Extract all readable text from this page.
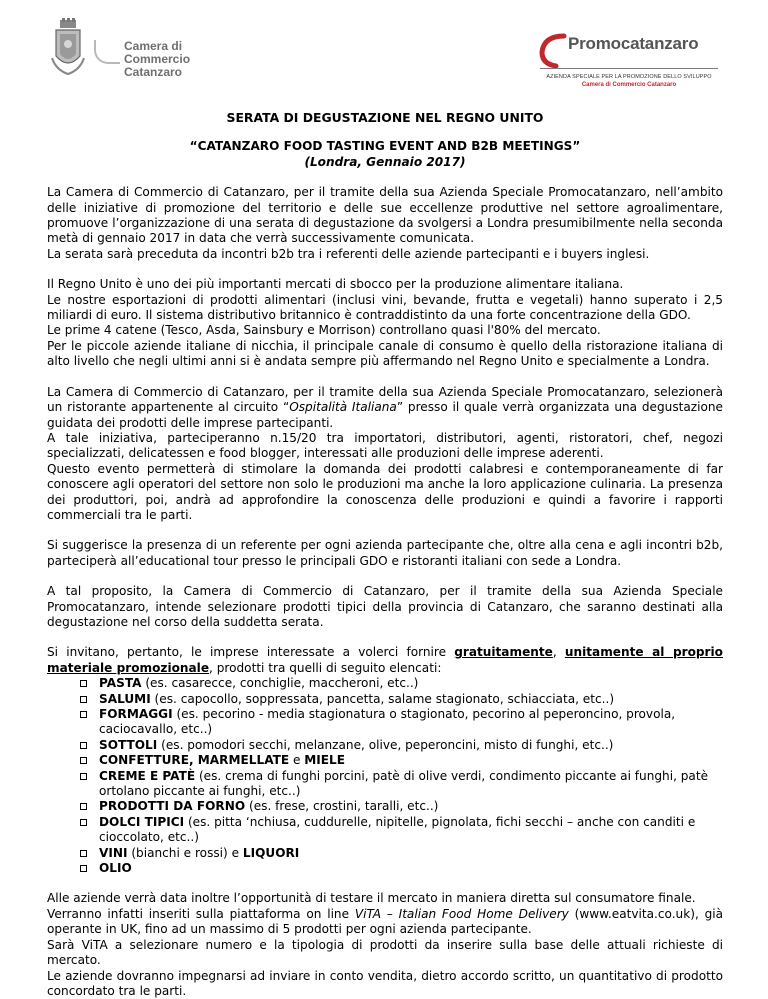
Camera di Commercio
Catanzaro
Promocatanzaro
AZIENDA SPECIALE PER LA PROMOZIONE DELLO SVILUPPO
Camera di Commercio Catanzaro

SERATA DI DEGUSTAZIONE NEL REGNO UNITO

“CATANZARO FOOD TASTING EVENT AND B2B MEETINGS”

(Londra, Gennaio 2017)

La Camera di Commercio di Catanzaro, per il tramite della sua Azienda Speciale Promocatanzaro, nell’ambito delle iniziative di promozione del territorio e delle sue eccellenze produttive nel settore agroalimentare, promuove l’organizzazione di una serata di degustazione da svolgersi a Londra presumibilmente nella seconda metà di gennaio 2017 in data che verrà successivamente comunicata.

La serata sarà preceduta da incontri b2b tra i referenti delle aziende partecipanti e i buyers inglesi.

Il Regno Unito è uno dei più importanti mercati di sbocco per la produzione alimentare italiana.

Le nostre esportazioni di prodotti alimentari (inclusi vini, bevande, frutta e vegetali) hanno superato i 2,5 miliardi di euro. Il sistema distributivo britannico è contraddistinto da una forte concentrazione della GDO.

Le prime 4 catene (Tesco, Asda, Sainsbury e Morrison) controllano quasi l'80% del mercato.

Per le piccole aziende italiane di nicchia, il principale canale di consumo è quello della ristorazione italiana di alto livello che negli ultimi anni si è andata sempre più affermando nel Regno Unito e specialmente a Londra.

La Camera di Commercio di Catanzaro, per il tramite della sua Azienda Speciale Promocatanzaro, selezionerà un ristorante appartenente al circuito “Ospitalità Italiana” presso il quale verrà organizzata una degustazione guidata dei prodotti delle imprese partecipanti.

A tale iniziativa, parteciperanno n.15/20 tra importatori, distributori, agenti, ristoratori, chef, negozi specializzati, delicatessen e food blogger, interessati alle produzioni delle imprese aderenti.

Questo evento permetterà di stimolare la domanda dei prodotti calabresi e contemporaneamente di far conoscere agli operatori del settore non solo le produzioni ma anche la loro applicazione culinaria. La presenza dei produttori, poi, andrà ad approfondire la conoscenza delle produzioni e quindi a favorire i rapporti commerciali tra le parti.

Si suggerisce la presenza di un referente per ogni azienda partecipante che, oltre alla cena e agli incontri b2b, parteciperà all’educational tour presso le principali GDO e ristoranti italiani con sede a Londra.

A tal proposito, la Camera di Commercio di Catanzaro, per il tramite della sua Azienda Speciale Promocatanzaro, intende selezionare prodotti tipici della provincia di Catanzaro, che saranno destinati alla degustazione nel corso della suddetta serata.

Si invitano, pertanto, le imprese interessate a volerci fornire gratuitamente, unitamente al proprio materiale promozionale, prodotti tra quelli di seguito elencati:

PASTA (es. casarecce, conchiglie, maccheroni, etc..)
SALUMI (es. capocollo, soppressata, pancetta, salame stagionato, schiacciata, etc..)
FORMAGGI (es. pecorino - media stagionatura o stagionato, pecorino al peperoncino, provola, caciocavallo, etc..)
SOTTOLI (es. pomodori secchi, melanzane, olive, peperoncini, misto di funghi, etc..)
CONFETTURE, MARMELLATE e MIELE
CREME E PATÈ (es. crema di funghi porcini, patè di olive verdi, condimento piccante ai funghi, patè ortolano piccante ai funghi, etc..)
PRODOTTI DA FORNO (es. frese, crostini, taralli, etc..)
DOLCI TIPICI (es. pitta ‘nchiusa, cuddurelle, nipitelle, pignolata, fichi secchi – anche con canditi e cioccolato, etc..)
VINI (bianchi e rossi) e LIQUORI
OLIO

Alle aziende verrà data inoltre l’opportunità di testare il mercato in maniera diretta sul consumatore finale.

Verranno infatti inseriti sulla piattaforma on line ViTA – Italian Food Home Delivery (www.eatvita.co.uk), già operante in UK, fino ad un massimo di 5 prodotti per ogni azienda partecipante.

Sarà ViTA a selezionare numero e la tipologia di prodotti da inserire sulla base delle attuali richieste di mercato.

Le aziende dovranno impegnarsi ad inviare in conto vendita, dietro accordo scritto, un quantitativo di prodotto concordato tra le parti.
